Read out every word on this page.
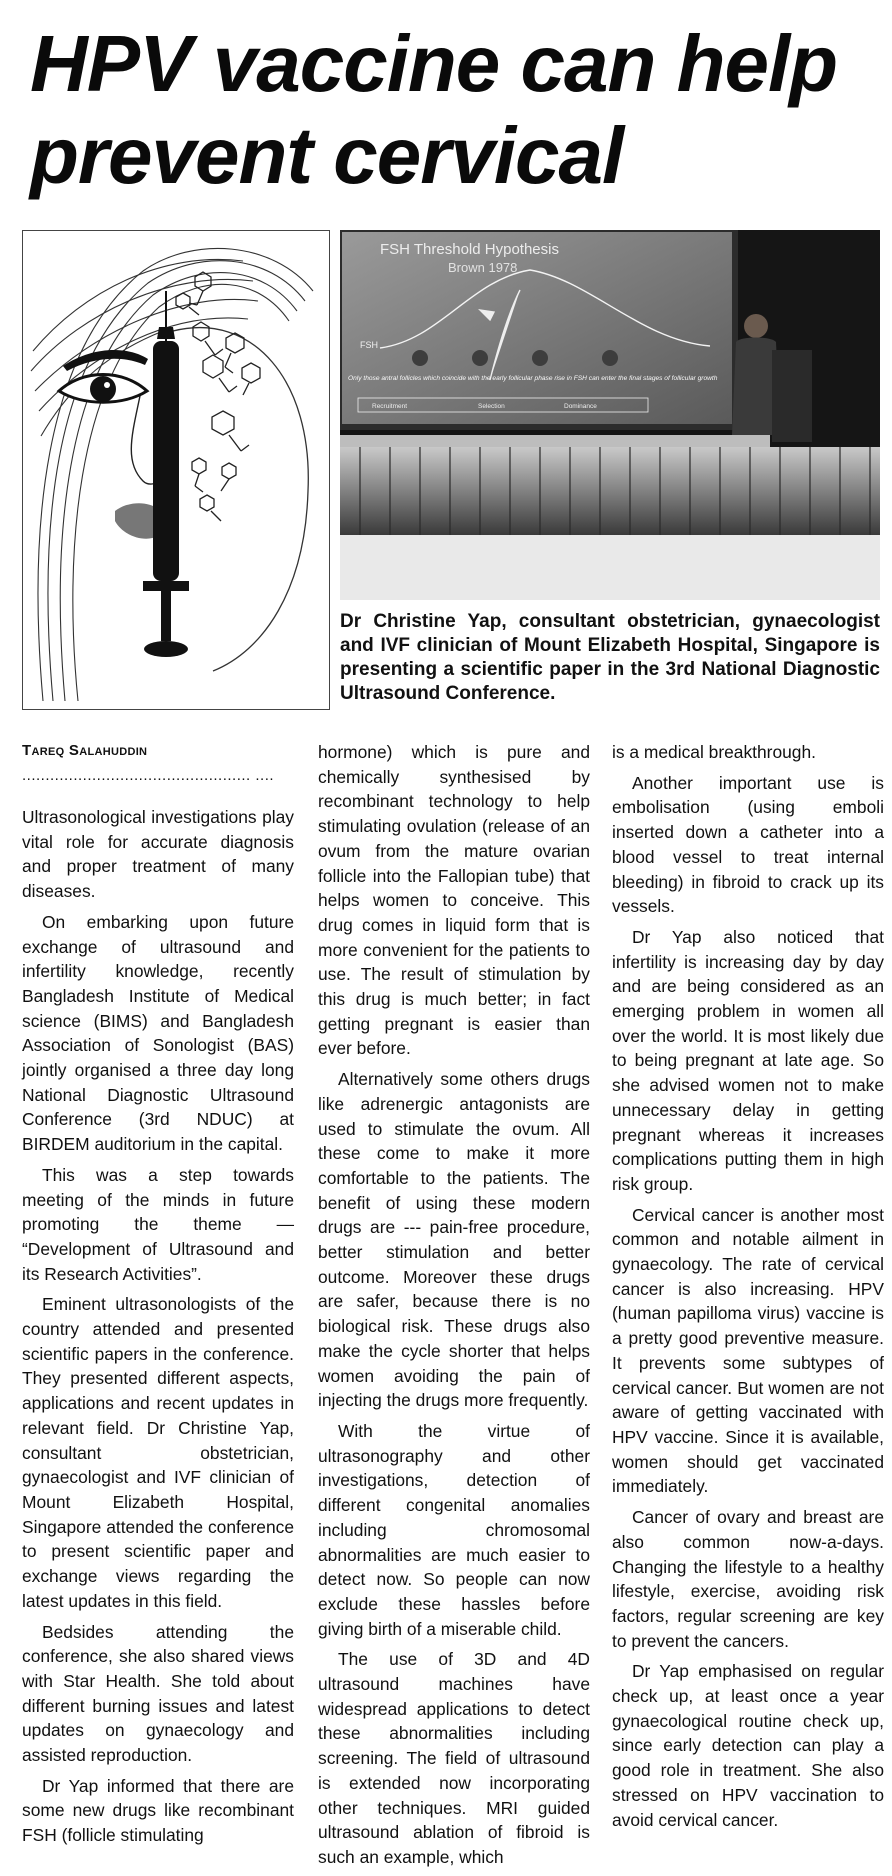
HPV vaccine can help
prevent cervical
FSH Threshold Hypothesis
Brown 1978
FSH
Only those antral follicles which coincide with the early follicular phase rise in FSH can enter the final stages of follicular growth
Recruitment	Selection	Dominance

Dr Christine Yap, consultant obstetrician, gynaecologist and IVF clinician of Mount Elizabeth Hospital, Singapore is presenting a scientific paper in the 3rd National Diagnostic Ultrasound Conference.

Tareq Salahuddin
................................................. ....

Ultrasonological investigations play vital role for accurate diagnosis and proper treatment of many diseases.

On embarking upon future exchange of ultrasound and infertility knowledge, recently Bangladesh Institute of Medical science (BIMS) and Bangladesh Association of Sonologist (BAS) jointly organised a three day long National Diagnostic Ultrasound Conference (3rd NDUC) at BIRDEM auditorium in the capital.

This was a step towards meeting of the minds in future promoting the theme — “Development of Ultrasound and its Research Activities”.

Eminent ultrasonologists of the country attended and presented scientific papers in the conference. They presented different aspects, applications and recent updates in relevant field. Dr Christine Yap, consultant obstetrician, gynaecologist and IVF clinician of Mount Elizabeth Hospital, Singapore attended the conference to present scientific paper and exchange views regarding the latest updates in this field.

Bedsides attending the conference, she also shared views with Star Health. She told about different burning issues and latest updates on gynaecology and assisted reproduction.

Dr Yap informed that there are some new drugs like recombinant FSH (follicle stimulating

hormone) which is pure and chemically synthesised by recombinant technology to help stimulating ovulation (release of an ovum from the mature ovarian follicle into the Fallopian tube) that helps women to conceive. This drug comes in liquid form that is more convenient for the patients to use. The result of stimulation by this drug is much better; in fact getting pregnant is easier than ever before.

Alternatively some others drugs like adrenergic antagonists are used to stimulate the ovum. All these come to make it more comfortable to the patients. The benefit of using these modern drugs are --- pain-free procedure, better stimulation and better outcome. Moreover these drugs are safer, because there is no biological risk. These drugs also make the cycle shorter that helps women avoiding the pain of injecting the drugs more frequently.

With the virtue of ultrasonography and other investigations, detection of different congenital anomalies including chromosomal abnormalities are much easier to detect now. So people can now exclude these hassles before giving birth of a miserable child.

The use of 3D and 4D ultrasound machines have widespread applications to detect these abnormalities including screening. The field of ultrasound is extended now incorporating other techniques. MRI guided ultrasound ablation of fibroid is such an example, which

is a medical breakthrough.

Another important use is embolisation (using emboli inserted down a catheter into a blood vessel to treat internal bleeding) in fibroid to crack up its vessels.

Dr Yap also noticed that infertility is increasing day by day and are being considered as an emerging problem in women all over the world. It is most likely due to being pregnant at late age. So she advised women not to make unnecessary delay in getting pregnant whereas it increases complications putting them in high risk group.

Cervical cancer is another most common and notable ailment in gynaecology. The rate of cervical cancer is also increasing. HPV (human papilloma virus) vaccine is a pretty good preventive measure. It prevents some subtypes of cervical cancer. But women are not aware of getting vaccinated with HPV vaccine. Since it is available, women should get vaccinated immediately.

Cancer of ovary and breast are also common now-a-days. Changing the lifestyle to a healthy lifestyle, exercise, avoiding risk factors, regular screening are key to prevent the cancers.

Dr Yap emphasised on regular check up, at least once a year gynaecological routine check up, since early detection can play a good role in treatment. She also stressed on HPV vaccination to avoid cervical cancer.
